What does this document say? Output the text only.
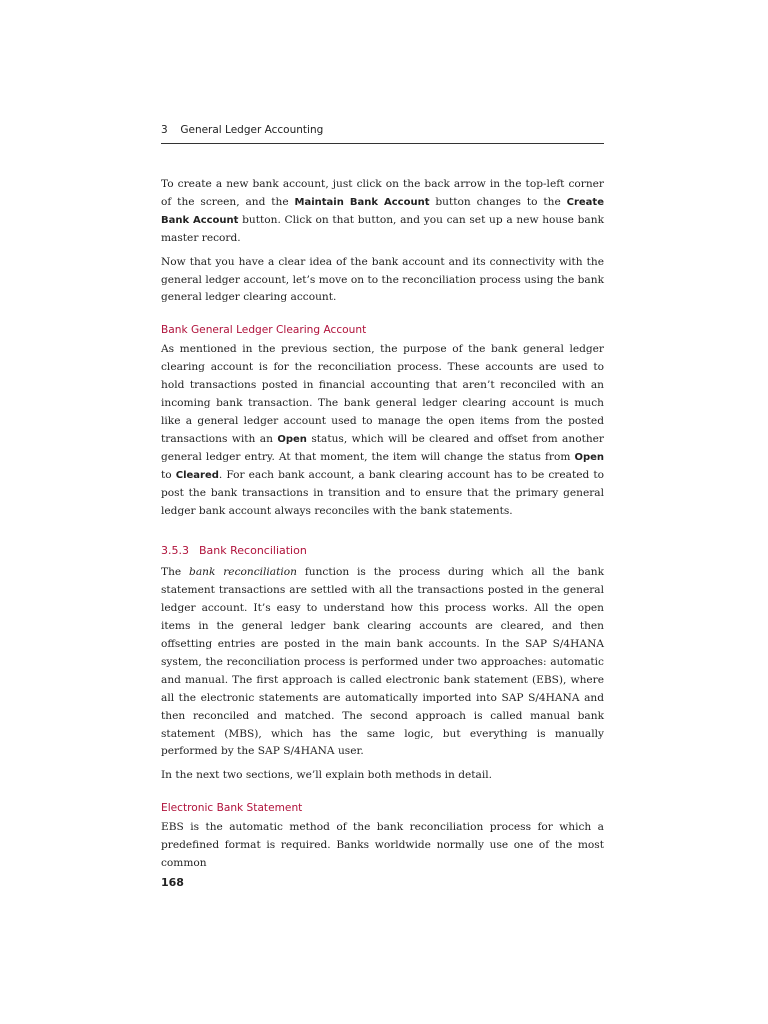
3 General Ledger Accounting

To create a new bank account, just click on the back arrow in the top-left corner of the screen, and the Maintain Bank Account button changes to the Create Bank Account button. Click on that button, and you can set up a new house bank master record.

Now that you have a clear idea of the bank account and its connectivity with the general ledger account, let’s move on to the reconciliation process using the bank general ledger clearing account.

Bank General Ledger Clearing Account

As mentioned in the previous section, the purpose of the bank general ledger clearing account is for the reconciliation process. These accounts are used to hold transactions posted in financial accounting that aren’t reconciled with an incoming bank transaction. The bank general ledger clearing account is much like a general ledger account used to manage the open items from the posted transactions with an Open status, which will be cleared and offset from another general ledger entry. At that moment, the item will change the status from Open to Cleared. For each bank account, a bank clearing account has to be created to post the bank transactions in transition and to ensure that the primary general ledger bank account always reconciles with the bank statements.

3.5.3 Bank Reconciliation

The bank reconciliation function is the process during which all the bank statement transactions are settled with all the transactions posted in the general ledger account. It’s easy to understand how this process works. All the open items in the general ledger bank clearing accounts are cleared, and then offsetting entries are posted in the main bank accounts. In the SAP S/4HANA system, the reconciliation process is performed under two approaches: automatic and manual. The first approach is called electronic bank statement (EBS), where all the electronic statements are automatically imported into SAP S/4HANA and then reconciled and matched. The second approach is called manual bank statement (MBS), which has the same logic, but everything is manually performed by the SAP S/4HANA user.

In the next two sections, we’ll explain both methods in detail.

Electronic Bank Statement

EBS is the automatic method of the bank reconciliation process for which a predefined format is required. Banks worldwide normally use one of the most common

168
